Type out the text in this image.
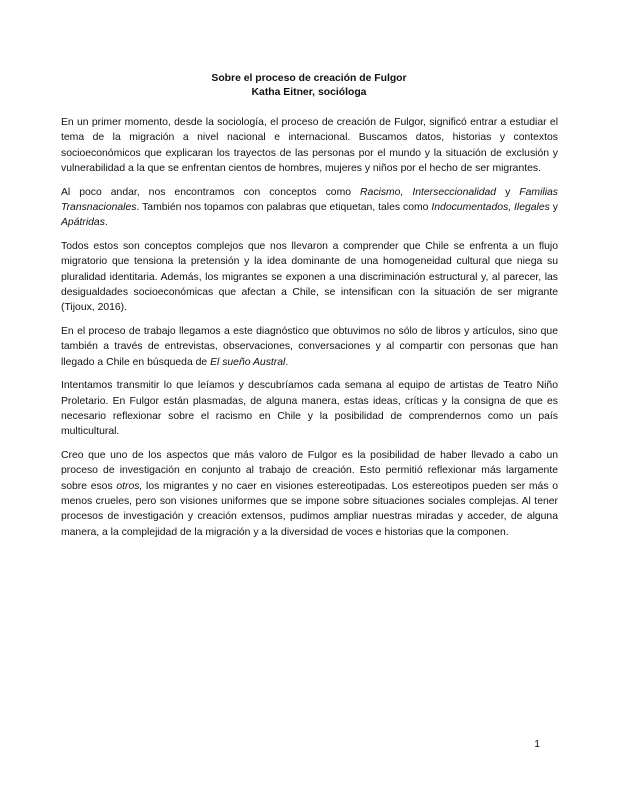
Sobre el proceso de creación de Fulgor
Katha Eitner, socióloga

En un primer momento, desde la sociología, el proceso de creación de Fulgor, significó entrar a estudiar el tema de la migración a nivel nacional e internacional. Buscamos datos, historias y contextos socioeconómicos que explicaran los trayectos de las personas por el mundo y la situación de exclusión y vulnerabilidad a la que se enfrentan cientos de hombres, mujeres y niños por el hecho de ser migrantes.

Al poco andar, nos encontramos con conceptos como Racismo, Interseccionalidad y Familias Transnacionales. También nos topamos con palabras que etiquetan, tales como Indocumentados, Ilegales y Apátridas.

Todos estos son conceptos complejos que nos llevaron a comprender que Chile se enfrenta a un flujo migratorio que tensiona la pretensión y la idea dominante de una homogeneidad cultural que niega su pluralidad identitaria. Además, los migrantes se exponen a una discriminación estructural y, al parecer, las desigualdades socioeconómicas que afectan a Chile, se intensifican con la situación de ser migrante (Tijoux, 2016).

En el proceso de trabajo llegamos a este diagnóstico que obtuvimos no sólo de libros y artículos, sino que también a través de entrevistas, observaciones, conversaciones y al compartir con personas que han llegado a Chile en búsqueda de El sueño Austral.

Intentamos transmitir lo que leíamos y descubríamos cada semana al equipo de artistas de Teatro Niño Proletario. En Fulgor están plasmadas, de alguna manera, estas ideas, críticas y la consigna de que es necesario reflexionar sobre el racismo en Chile y la posibilidad de comprendernos como un país multicultural.

Creo que uno de los aspectos que más valoro de Fulgor es la posibilidad de haber llevado a cabo un proceso de investigación en conjunto al trabajo de creación. Esto permitió reflexionar más largamente sobre esos otros, los migrantes y no caer en visiones estereotipadas. Los estereotipos pueden ser más o menos crueles, pero son visiones uniformes que se impone sobre situaciones sociales complejas. Al tener procesos de investigación y creación extensos, pudimos ampliar nuestras miradas y acceder, de alguna manera, a la complejidad de la migración y a la diversidad de voces e historias que la componen.

1
